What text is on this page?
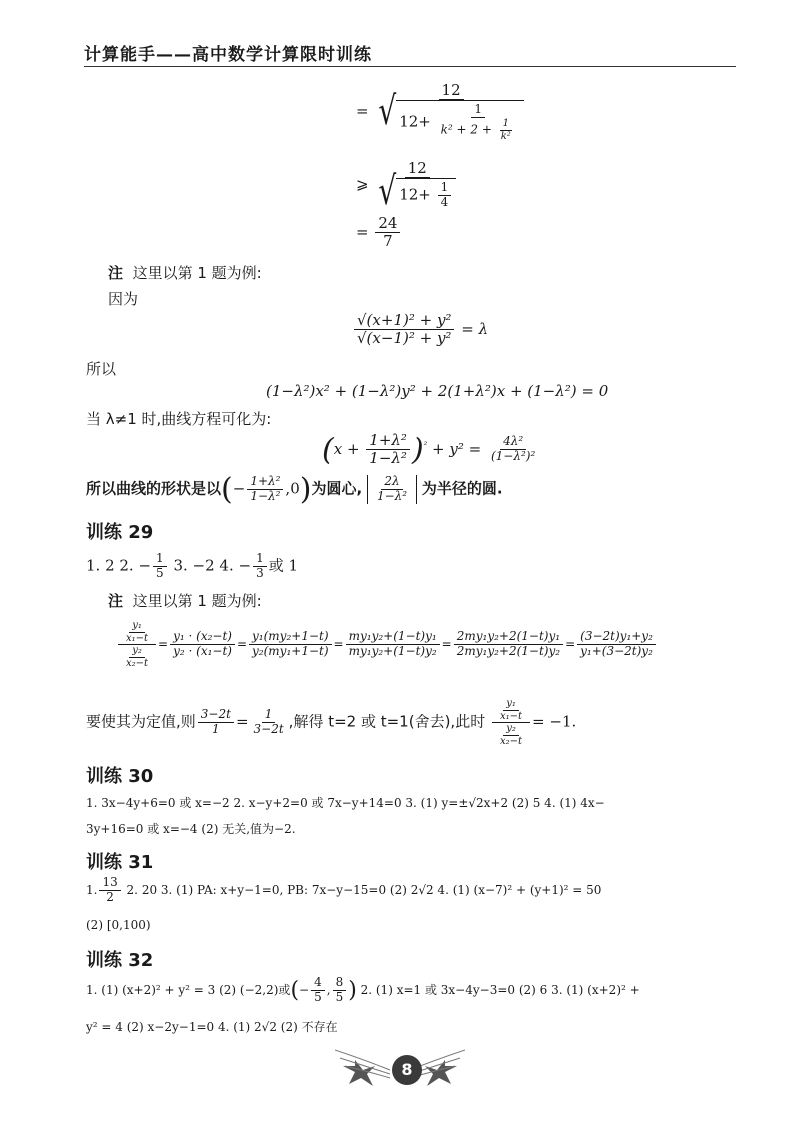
计算能手——高中数学计算限时训练
= $\frac{12}{√ 12+ \frac{1}{k^2 + 2 + \frac{1}{\text{k²}}}}$
⩾ $\frac{12}{√ 12+ \frac{1}{4}}$
= $\frac{24}{7}$
注 这里以第 1 题为例:
因为
$\frac{\text{√(x+1)² + y²}}{\text{√(x−1)² + y²}} = \lambda$
所以
(1−λ²)x² + (1−λ²)y² + 2(1+λ²)x + (1−λ²) = 0
当 λ≠1 时,曲线方程可化为:
$(x + \frac{\text{1+λ²}}{\text{1−λ²}} )^{^2} + y^2 = \frac{\text{4λ²}}{\text{(1−λ²)²}}$
所以曲线的形状是以(− $\frac{\text{1+λ²}}{\text{1−λ²}} ,0$)为圆心, $\frac{2\lambda}{\text{1−λ²}}$ 为半径的圆.
训练 29
1. 2 2. − $\frac{1}{5} 3$. −2 4. − $\frac{1}{3}$ 或 1
注 这里以第 1 题为例:
$\frac{\frac{\text{y₁}}{\text{x₁−t}}}{\frac{\text{y₂}}{\text{x₂−t}}} = \frac{\text{y₁ · (x₂−t)}}{\text{y₂ · (x₁−t)}} = \frac{\text{y₁(my₂+1−t)}}{\text{y₂(my₁+1−t)}} = \frac{\text{my₁y₂+(1−t)y₁}}{\text{my₁y₂+(1−t)y₂}} = \frac{\text{2my₁y₂+2(1−t)y₁}}{\text{2my₁y₂+2(1−t)y₂}} = \frac{\text{(3−2t)y₁+y₂}}{\text{y₁+(3−2t)y₂}}$
要使其为定值,则 $\frac{3-2t}{1} = \frac{1}{3-2t}$ ,解得 t=2 或 t=1(舍去),此时 $\frac{\frac{\text{y₁}}{\text{x₁−t}}}{\frac{\text{y₂}}{\text{x₂−t}}} = -1$.
训练 30
1. 3x−4y+6=0 或 x=−2 2. x−y+2=0 或 7x−y+14=0 3. (1) y=±√2x+2 (2) 5 4. (1) 4x−
3y+16=0 或 x=−4 (2) 无关,值为−2.
训练 31
1. $\frac{13}{2} 2$. 20 3. (1) PA: x+y−1=0, PB: 7x−y−15=0 (2) 2√2 4. (1) (x−7)² + (y+1)² = 50
(2) [0,100)
训练 32
1. (1) (x+2)² + y² = 3 (2) (−2,2)或(− $\frac{4}{5}$ , $\frac{8}{5}$ ) 2. (1) x=1 或 3x−4y−3=0 (2) 6 3. (1) (x+2)² +
y² = 4 (2) x−2y−1=0 4. (1) 2√2 (2) 不存在
8
